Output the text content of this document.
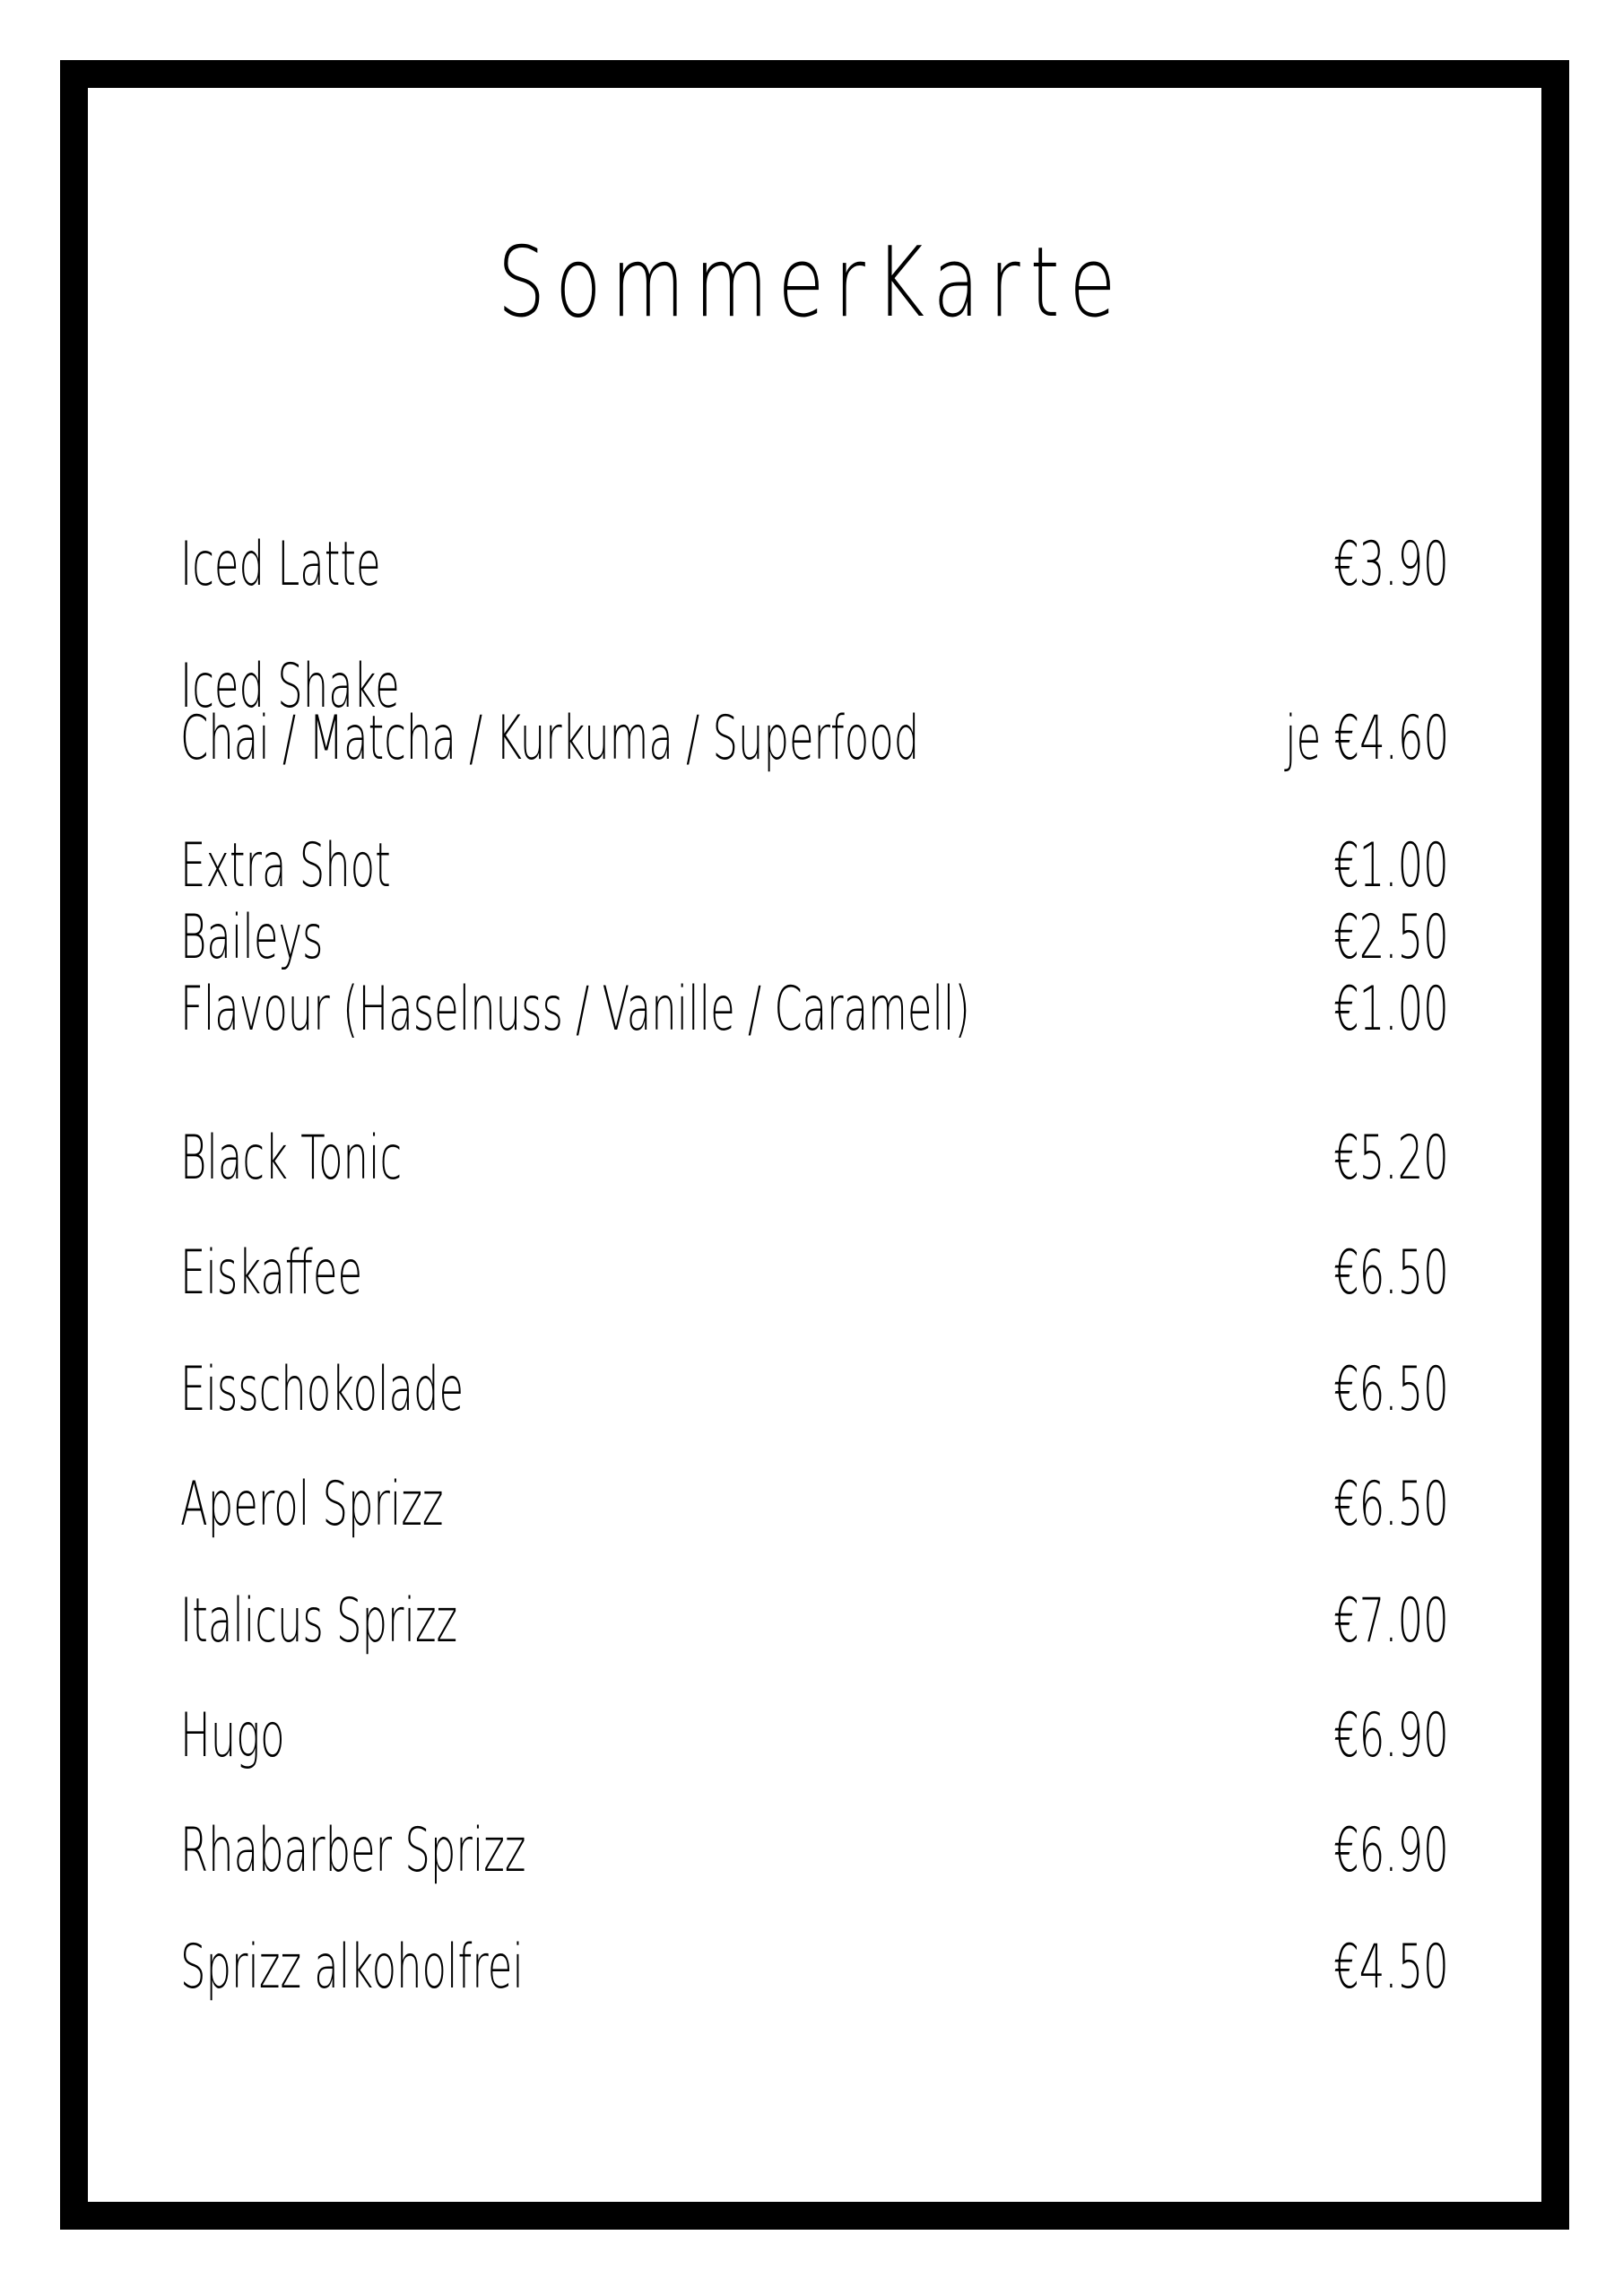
SommerKarte
Iced Latte	€3.90
Iced Shake
Chai / Matcha / Kurkuma / Superfood	je €4.60
Extra Shot	€1.00
Baileys	€2.50
Flavour (Haselnuss / Vanille / Caramell)	€1.00
Black Tonic	€5.20
Eiskaffee	€6.50
Eisschokolade	€6.50
Aperol Sprizz	€6.50
Italicus Sprizz	€7.00
Hugo	€6.90
Rhabarber Sprizz	€6.90
Sprizz alkoholfrei	€4.50
